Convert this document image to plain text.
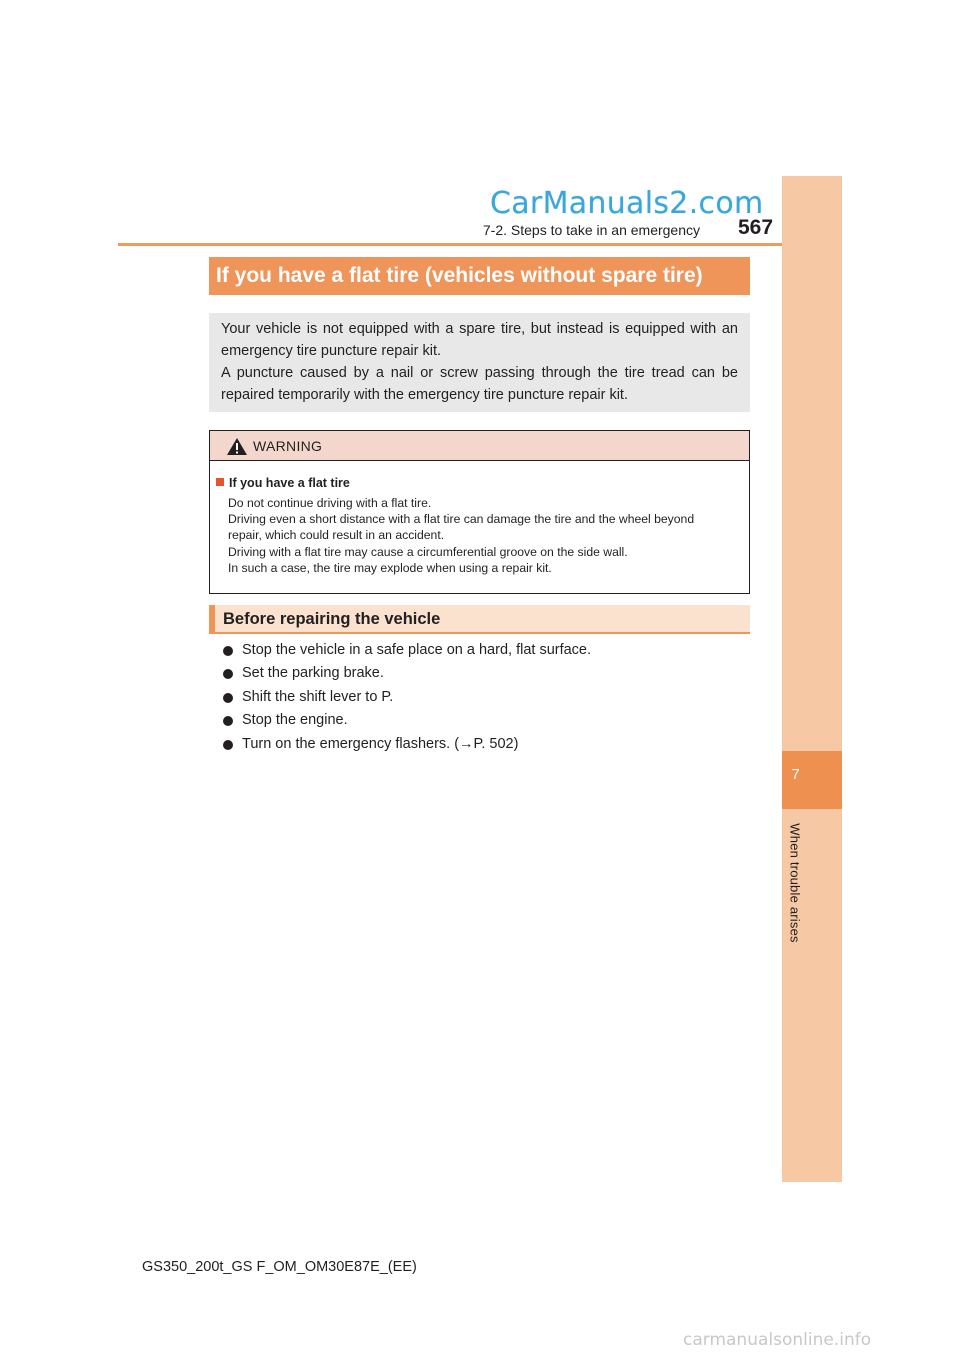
CarManuals2.com
7-2. Steps to take in an emergency 567
7
When trouble arises
If you have a flat tire (vehicles without spare tire)

Your vehicle is not equipped with a spare tire, but instead is equipped with an emergency tire puncture repair kit.

A puncture caused by a nail or screw passing through the tire tread can be repaired temporarily with the emergency tire puncture repair kit.

WARNING
If you have a flat tire
Do not continue driving with a flat tire.
Driving even a short distance with a flat tire can damage the tire and the wheel beyond
repair, which could result in an accident.
Driving with a flat tire may cause a circumferential groove on the side wall.
In such a case, the tire may explode when using a repair kit.
Before repairing the vehicle
Stop the vehicle in a safe place on a hard, flat surface.
Set the parking brake.
Shift the shift lever to P.
Stop the engine.
Turn on the emergency flashers. (→P. 502)
GS350_200t_GS F_OM_OM30E87E_(EE)
carmanualsonline.info
